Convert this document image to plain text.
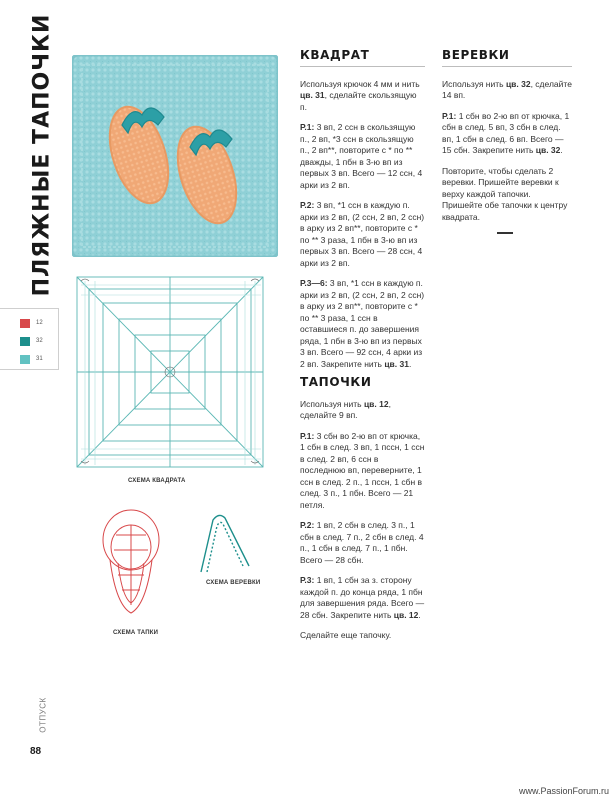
ПЛЯЖНЫЕ ТАПОЧКИ
12
32
31
СХЕМА КВАДРАТА
СХЕМА ТАПКИ
СХЕМА ВЕРЕВКИ
КВАДРАТ

Используя крючок 4 мм и нить цв. 31, сделайте скользящую п.

Р.1: 3 вп, 2 ссн в скользящую п., 2 вп, *3 ссн в скользящую п., 2 вп**, повторите с * по ** дважды, 1 пбн в 3-ю вп из первых 3 вп. Всего — 12 ссн, 4 арки из 2 вп.

Р.2: 3 вп, *1 ссн в каждую п. арки из 2 вп, (2 ссн, 2 вп, 2 ссн) в арку из 2 вп**, повторите с * по ** 3 раза, 1 пбн в 3-ю вп из первых 3 вп. Всего — 28 ссн, 4 арки из 2 вп.

Р.3—6: 3 вп, *1 ссн в каждую п. арки из 2 вп, (2 ссн, 2 вп, 2 ссн) в арку из 2 вп**, повторите с * по ** 3 раза, 1 ссн в оставшиеся п. до завершения ряда, 1 пбн в 3-ю вп из первых 3 вп. Всего — 92 ссн, 4 арки из 2 вп. Закрепите нить цв. 31.

ТАПОЧКИ

Используя нить цв. 12, сделайте 9 вп.

Р.1: 3 сбн во 2-ю вп от крючка, 1 сбн в след. 3 вп, 1 пссн, 1 ссн в след. 2 вп, 6 ссн в последнюю вп, переверните, 1 ссн в след. 2 п., 1 пссн, 1 сбн в след. 3 п., 1 пбн. Всего — 21 петля.

Р.2: 1 вп, 2 сбн в след. 3 п., 1 сбн в след. 7 п., 2 сбн в след. 4 п., 1 сбн в след. 7 п., 1 пбн. Всего — 28 сбн.

Р.3: 1 вп, 1 сбн за з. сторону каждой п. до конца ряда, 1 пбн для завершения ряда. Всего — 28 сбн. Закрепите нить цв. 12.

Сделайте еще тапочку.

ВЕРЕВКИ

Используя нить цв. 32, сделайте 14 вп.

Р.1: 1 сбн во 2-ю вп от крючка, 1 сбн в след. 5 вп, 3 сбн в след. вп, 1 сбн в след. 6 вп. Всего — 15 сбн. Закрепите нить цв. 32.

Повторите, чтобы сделать 2 веревки. Пришейте веревки к верху каждой тапочки. Пришейте обе тапочки к центру квадрата.

ОТПУСК
88
www.PassionForum.ru
